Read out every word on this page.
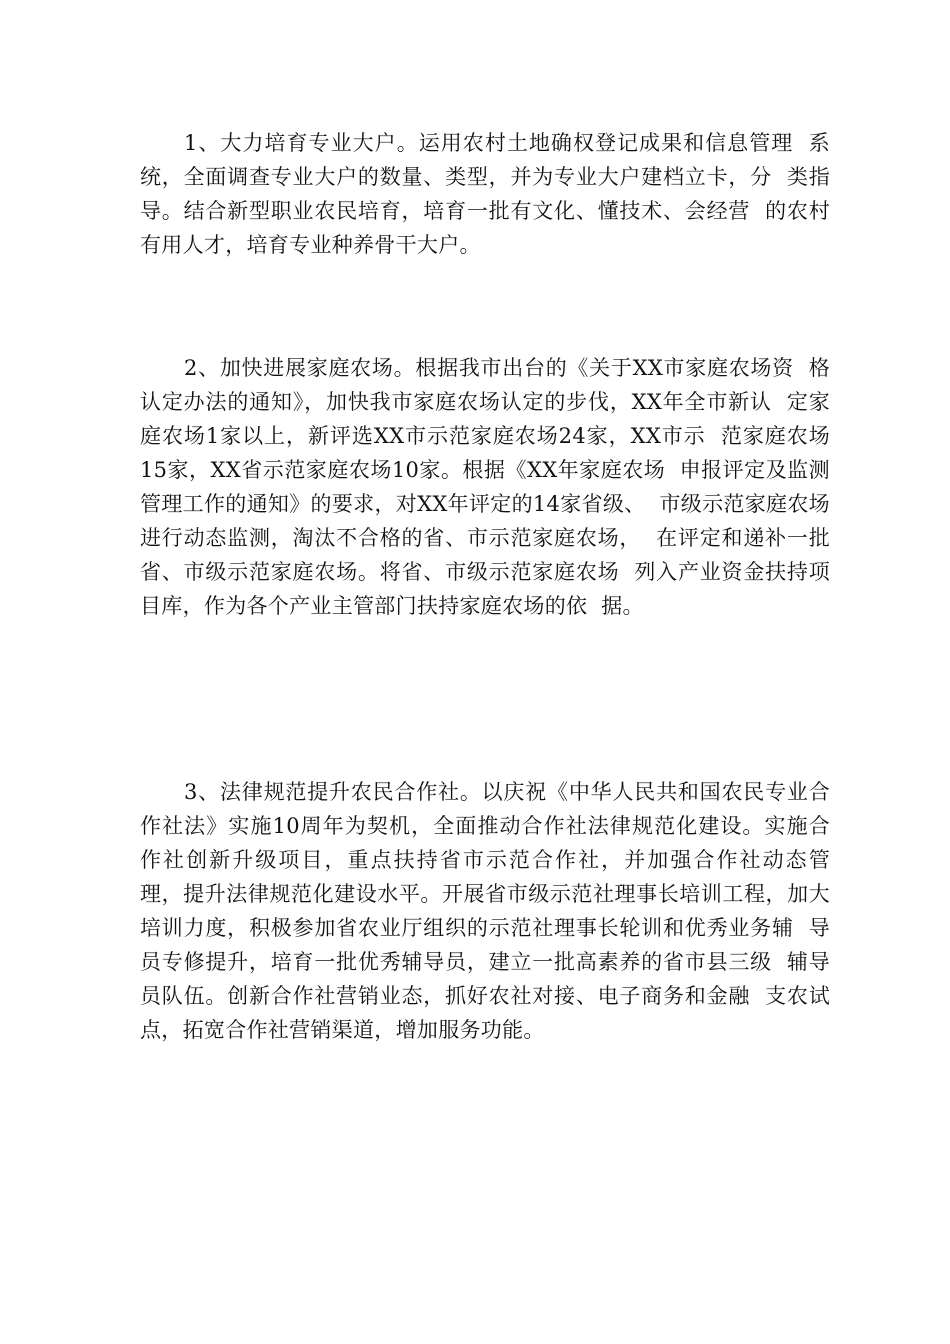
1、大力培育专业大户。运用农村土地确权登记成果和信息管理  系
统，全面调查专业大户的数量、类型，并为专业大户建档立卡，分  类指
导。结合新型职业农民培育，培育一批有文化、懂技术、会经营  的农村
有用人才，培育专业种养骨干大户。
2、加快进展家庭农场。根据我市出台的《关于XX市家庭农场资  格
认定办法的通知》，加快我市家庭农场认定的步伐，XX年全市新认  定家
庭农场1家以上，新评选XX市示范家庭农场24家，XX市示  范家庭农场
15家，XX省示范家庭农场10家。根据《XX年家庭农场  申报评定及监测
管理工作的通知》的要求，对XX年评定的14家省级、  市级示范家庭农场
进行动态监测，淘汰不合格的省、市示范家庭农场，  在评定和递补一批
省、市级示范家庭农场。将省、市级示范家庭农场  列入产业资金扶持项
目库，作为各个产业主管部门扶持家庭农场的依  据。
3、法律规范提升农民合作社。以庆祝《中华人民共和国农民专业合
作社法》实施10周年为契机，全面推动合作社法律规范化建设。实施合
作社创新升级项目，重点扶持省市示范合作社，并加强合作社动态管
理，提升法律规范化建设水平。开展省市级示范社理事长培训工程，加大
培训力度，积极参加省农业厅组织的示范社理事长轮训和优秀业务辅  导
员专修提升，培育一批优秀辅导员，建立一批高素养的省市县三级  辅导
员队伍。创新合作社营销业态，抓好农社对接、电子商务和金融  支农试
点，拓宽合作社营销渠道，增加服务功能。
